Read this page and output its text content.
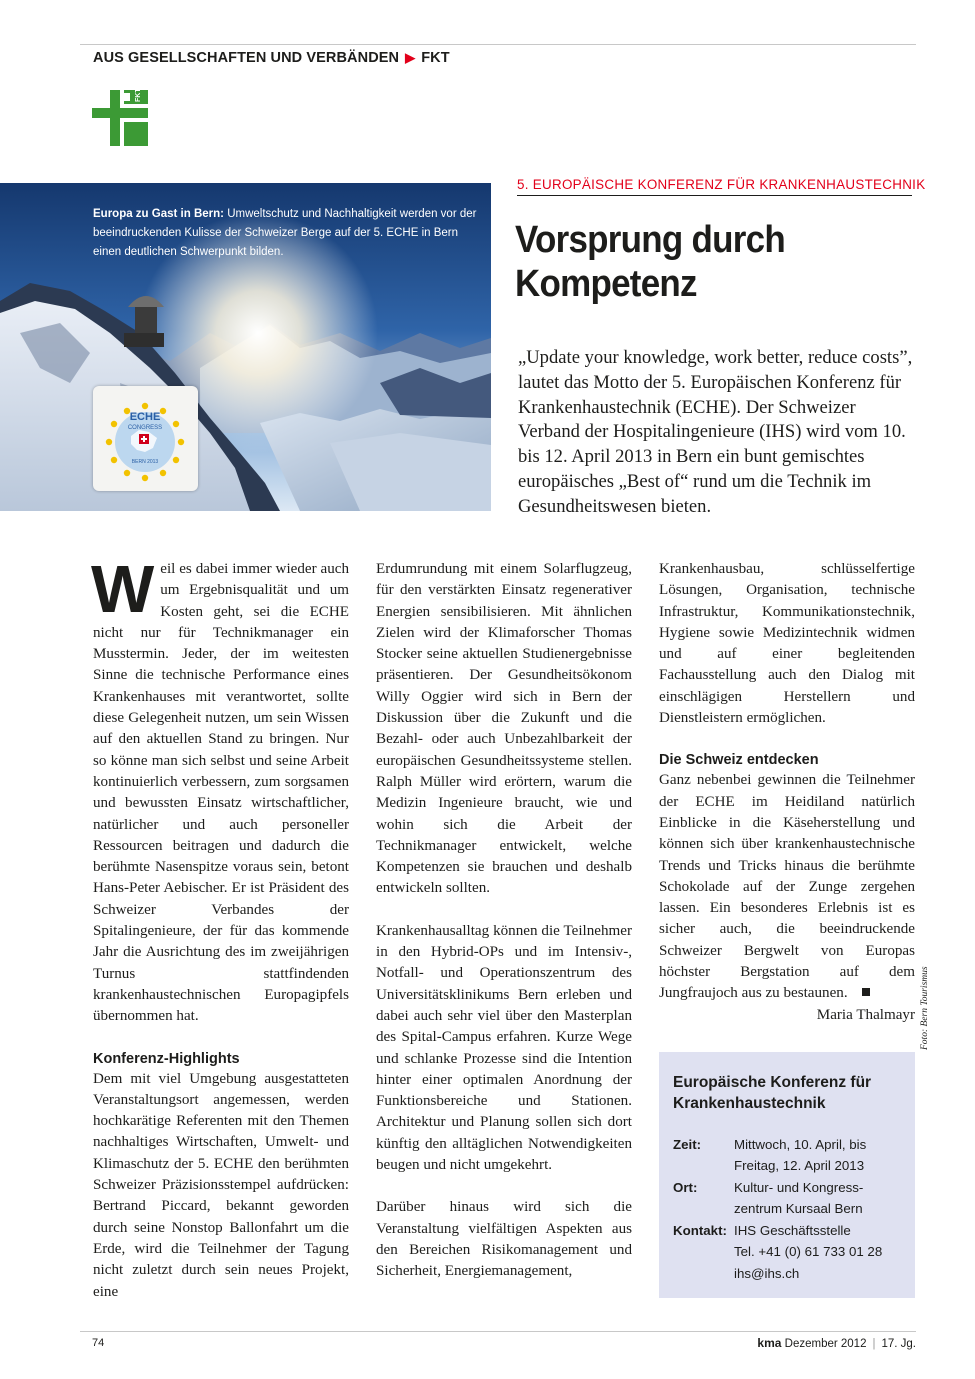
AUS GESELLSCHAFTEN UND VERBÄNDEN ▶ FKT
FKT
Europa zu Gast in Bern: Umweltschutz und Nachhaltigkeit werden vor der beeindruckenden Kulisse der Schweizer Berge auf der 5. ECHE in Bern einen deutlichen Schwerpunkt bilden.
ECHE
CONGRESS
BERN 2013
5. EUROPÄISCHE KONFERENZ FÜR KRANKENHAUSTECHNIK
Vorsprung durch Kompetenz
„Update your knowledge, work better, reduce costs”, lautet das Motto der 5. Europäischen Konferenz für Krankenhaustechnik (ECHE). Der Schweizer Verband der Hospitalingenieure (IHS) wird vom 10. bis 12. April 2013 in Bern ein bunt gemischtes europäisches „Best of“ rund um die Technik im Gesundheitswesen bieten.

Weil es dabei immer wieder auch um Ergebnisqualität und um Kosten geht, sei die ECHE nicht nur für Technikmanager ein Musstermin. Jeder, der im weitesten Sinne die technische Performance eines Krankenhauses mit verantwortet, sollte diese Gelegenheit nutzen, um sein Wissen auf den aktuellen Stand zu bringen. Nur so könne man sich selbst und seine Arbeit kontinuierlich verbessern, zum sorgsamen und bewussten Einsatz wirtschaftlicher, natürlicher und auch personeller Ressourcen beitragen und dadurch die berühmte Nasenspitze voraus sein, betont Hans-Peter Aebischer. Er ist Präsident des Schweizer Verbandes der Spitalingenieure, der für das kommende Jahr die Ausrichtung des im zweijährigen Turnus stattfindenden krankenhaustechnischen Europagipfels übernommen hat.

Konferenz-Highlights

Dem mit viel Umgebung ausgestatteten Veranstaltungsort angemessen, werden hochkarätige Referenten mit den Themen nachhaltiges Wirtschaften, Umwelt- und Klimaschutz der 5. ECHE den berühmten Schweizer Präzisionsstempel aufdrücken: Bertrand Piccard, bekannt geworden durch seine Nonstop Ballonfahrt um die Erde, wird die Teilnehmer der Tagung nicht zuletzt durch sein neues Projekt, eine

Erdumrundung mit einem Solarflugzeug, für den verstärkten Einsatz regenerativer Energien sensibilisieren. Mit ähnlichen Zielen wird der Klimaforscher Thomas Stocker seine aktuellen Studienergebnisse präsentieren. Der Gesundheitsökonom Willy Oggier wird sich in Bern der Diskussion über die Zukunft und die Bezahl- oder auch Unbezahlbarkeit der europäischen Gesundheitssysteme stellen. Ralph Müller wird erörtern, warum die Medizin Ingenieure braucht, wie und wohin sich die Arbeit der Technikmanager entwickelt, welche Kompetenzen sie brauchen und deshalb entwickeln sollten.

Krankenhausalltag können die Teilnehmer in den Hybrid-OPs und im Intensiv-, Notfall- und Operationszentrum des Universitätsklinikums Bern erleben und dabei auch sehr viel über den Masterplan des Spital-Campus erfahren. Kurze Wege und schlanke Prozesse sind die Intention hinter einer optimalen Anordnung der Funktionsbereiche und Stationen. Architektur und Planung sollen sich dort künftig den alltäglichen Notwendigkeiten beugen und nicht umgekehrt.

Darüber hinaus wird sich die Veranstaltung vielfältigen Aspekten aus den Bereichen Risikomanagement und Sicherheit, Energiemanagement,

Krankenhausbau, schlüsselfertige Lösungen, Organisation, technische Infrastruktur, Kommunikationstechnik, Hygiene sowie Medizintechnik widmen und auf einer begleitenden Fachausstellung auch den Dialog mit einschlägigen Herstellern und Dienstleistern ermöglichen.

Die Schweiz entdecken

Ganz nebenbei gewinnen die Teilnehmer der ECHE im Heidiland natürlich Einblicke in die Käseherstellung und können sich über krankenhaustechnische Trends und Tricks hinaus die berühmte Schokolade auf der Zunge zergehen lassen. Ein besonderes Erlebnis ist es sicher auch, die beeindruckende Schweizer Bergwelt von Europas höchster Bergstation auf dem Jungfraujoch aus zu bestaunen.

Maria Thalmayr Foto: Bern Tourismus
Europäische Konferenz für Krankenhaustechnik
Zeit: Mittwoch, 10. April, bis
Freitag, 12. April 2013
Ort:	Kultur- und Kongress-
zentrum Kursaal Bern
Kontakt: IHS Geschäftsstelle
Tel. +41 (0) 61 733 01 28
ihs@ihs.ch
74	kma Dezember 2012 | 17. Jg.
